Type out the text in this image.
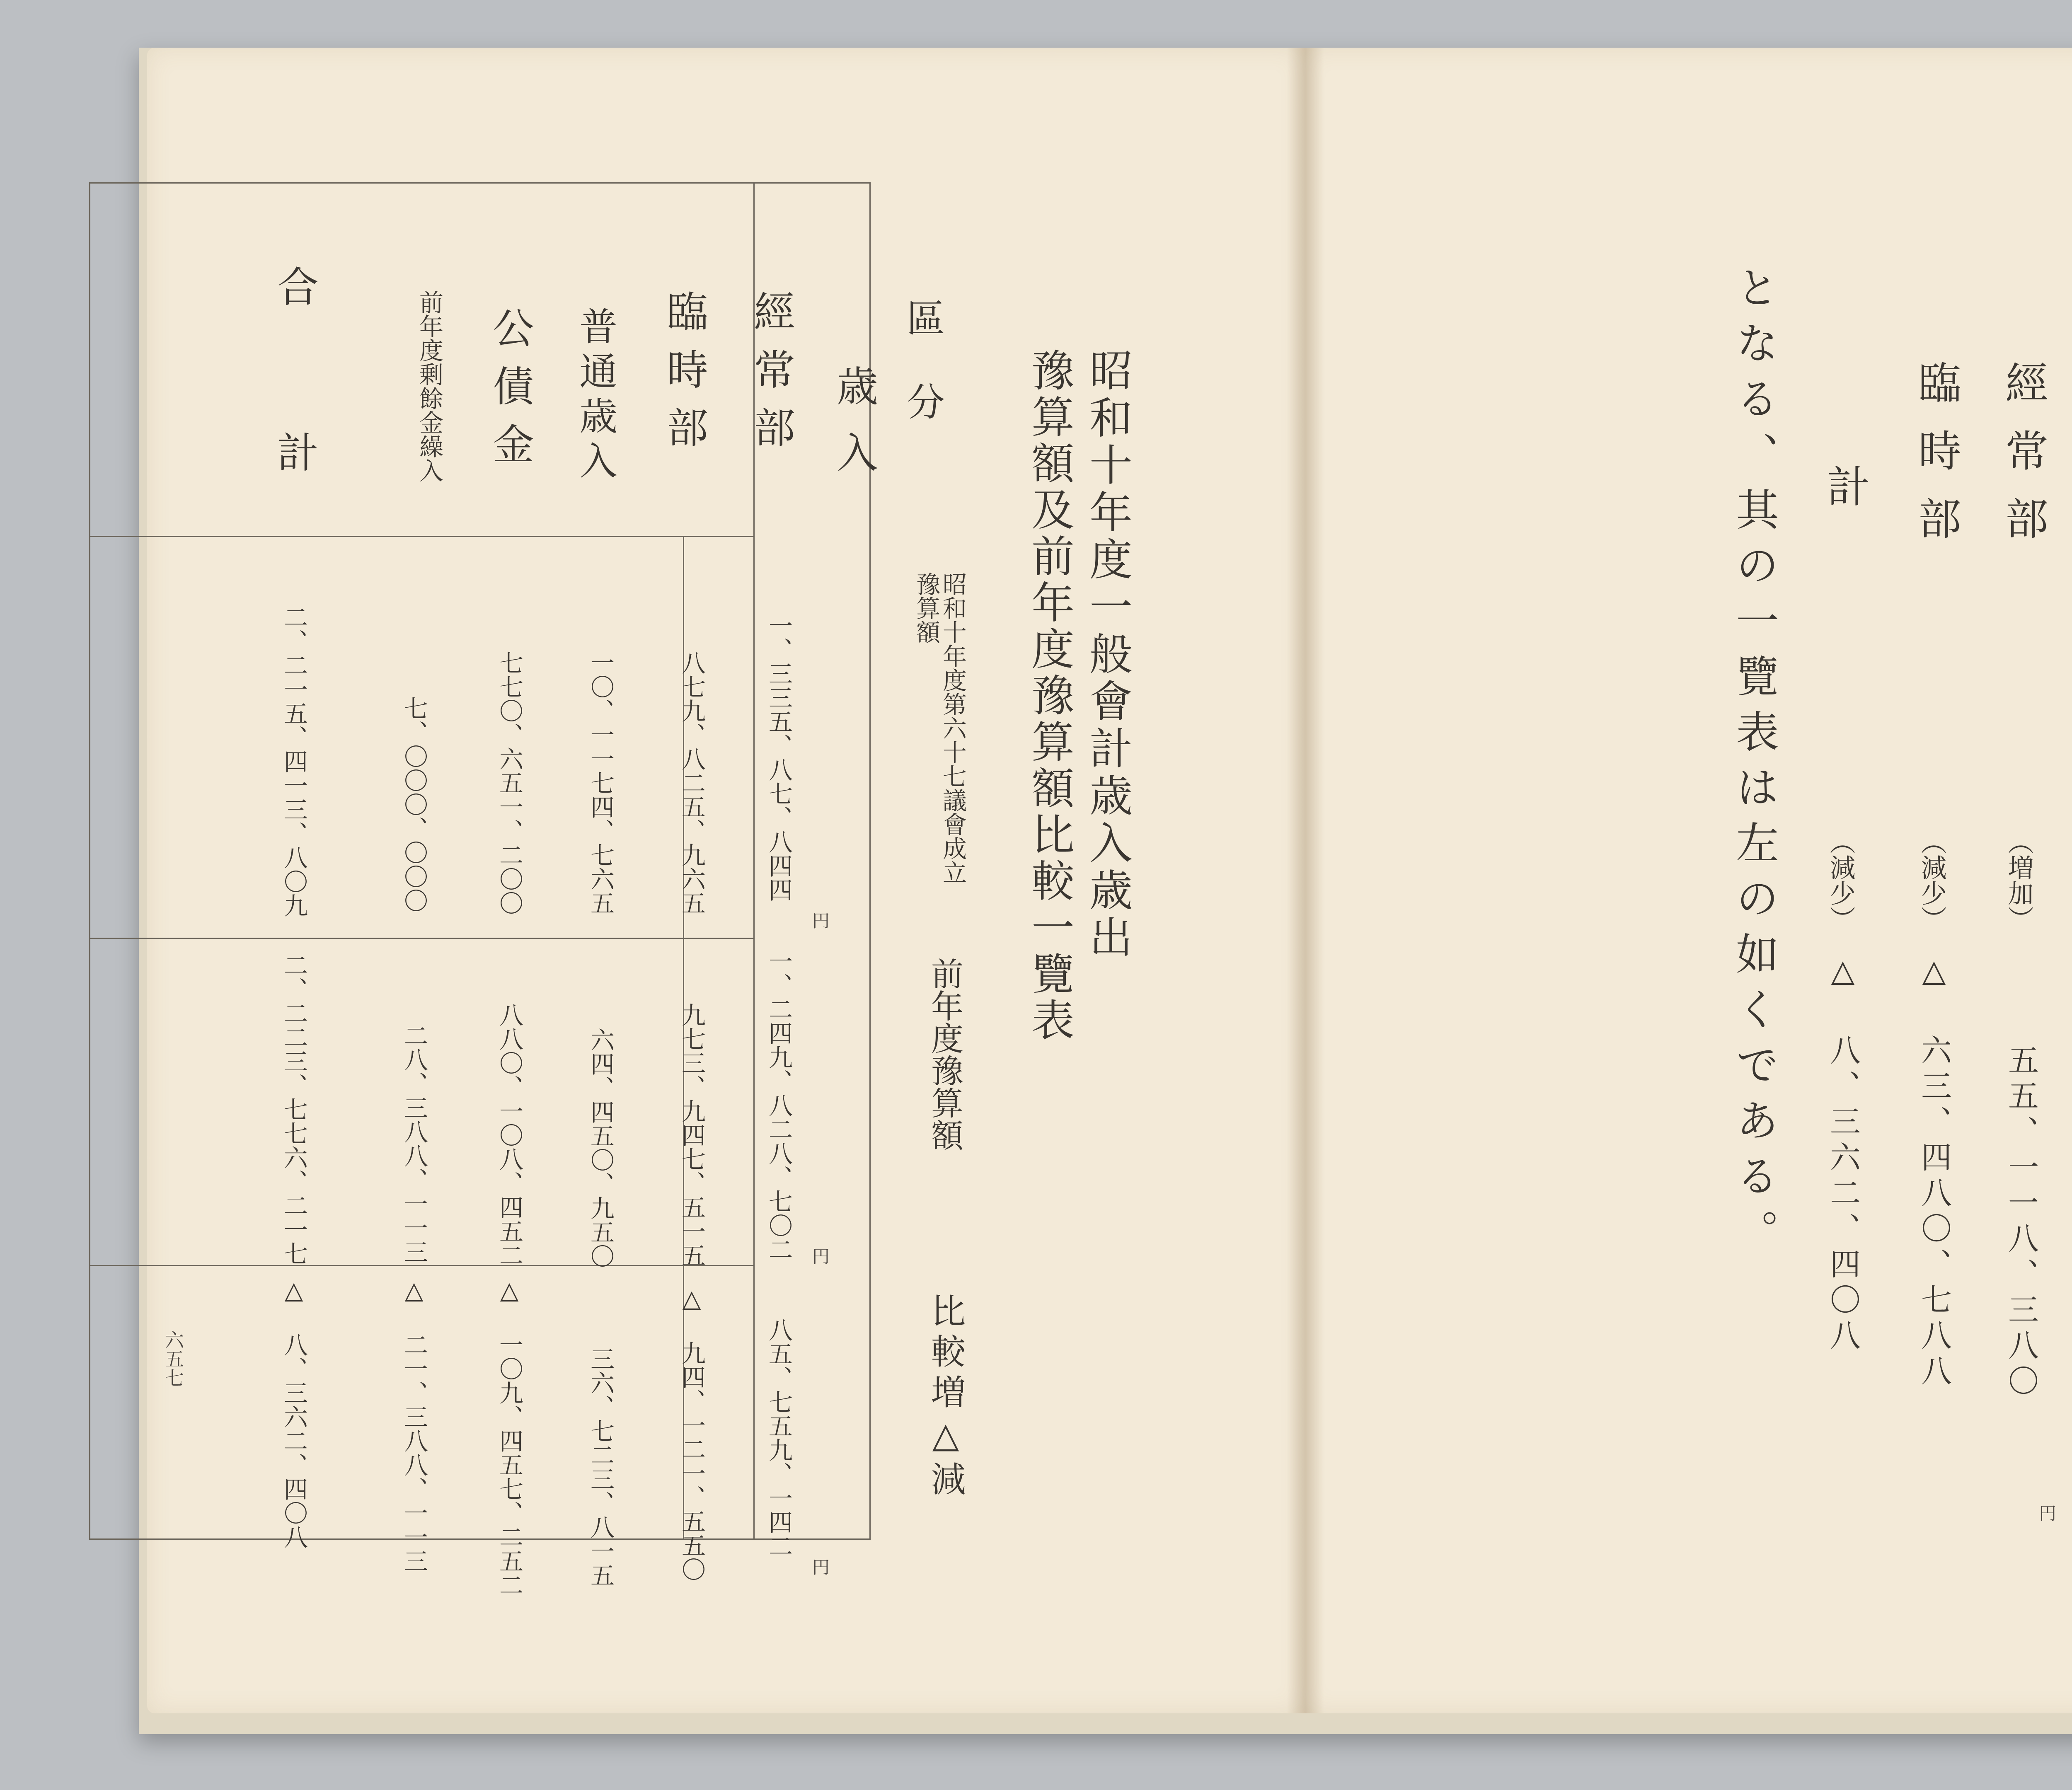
昭和十年度一般會計歳入歳出
豫算額及前年度豫算額比較一覽表
區分
昭和十年度第六十七議會成立豫算額
前年度豫算額
比較増△減
歳入
經常部
臨時部
普通歳入
公債金
前年度剰餘金繰入
合計
円
円
円
一、三三五、八七、八四四
八七九、八二五、九六五
一〇、一一七四、七六五
七七〇、六五一、二〇〇
七、〇〇〇、〇〇〇
二、二一五、四一三、八〇九
一、二四九、八二八、七〇二
九七三、九四七、五一五
六四、四五〇、九五〇
八八〇、一〇八、四五二
二八、三八八、一一三
二、二二三、七七六、二一七
八五、七五九、一四二
△ 九四、一二一、五五〇
三六、七二三、八一五
△ 一〇九、四五七、二五二
△ 二一、三八八、一一三
△ 八、三六二、四〇八
六五七
經常部
（増加）
五五、一一八、三八〇
円
臨時部
（減少）
△ 六三、四八〇、七八八
計
（減少）
△ 八、三六二、四〇八
となる、其の一覽表は左の如くである。
